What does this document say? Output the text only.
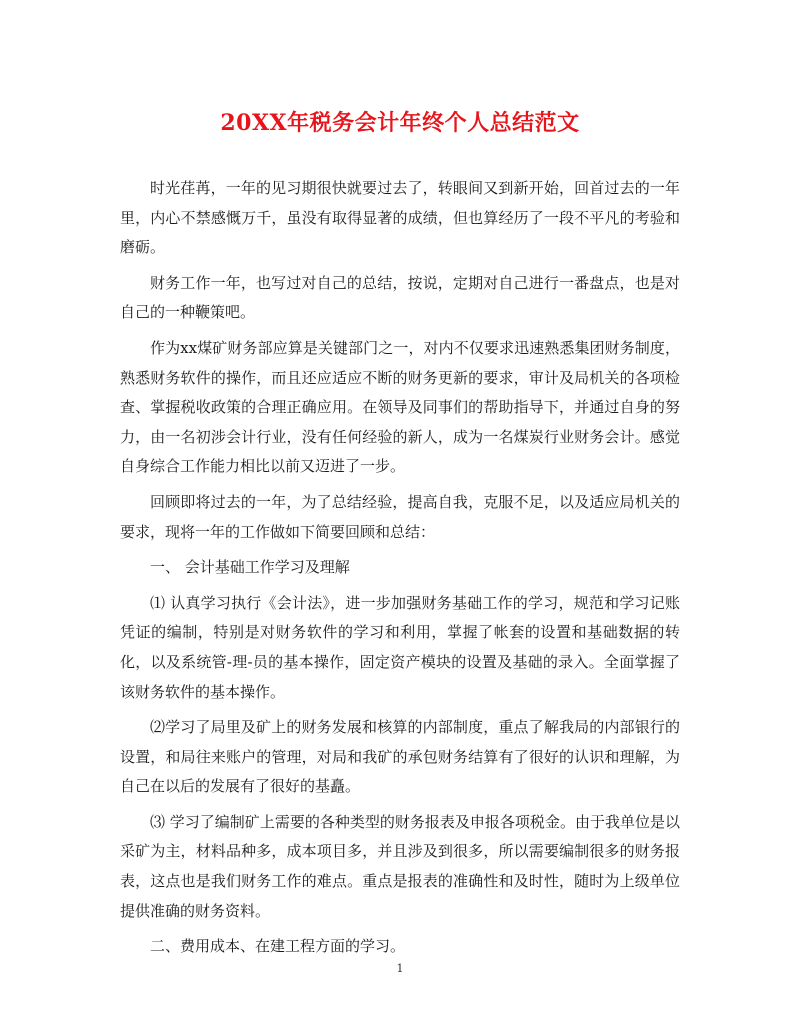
20XX年税务会计年终个人总结范文

时光荏苒，一年的见习期很快就要过去了，转眼间又到新开始，回首过去的一年里，内心不禁感慨万千，虽没有取得显著的成绩，但也算经历了一段不平凡的考验和磨砺。

财务工作一年，也写过对自己的总结，按说，定期对自己进行一番盘点，也是对自己的一种鞭策吧。

作为xx煤矿财务部应算是关键部门之一，对内不仅要求迅速熟悉集团财务制度，熟悉财务软件的操作，而且还应适应不断的财务更新的要求，审计及局机关的各项检查、掌握税收政策的合理正确应用。在领导及同事们的帮助指导下，并通过自身的努力，由一名初涉会计行业，没有任何经验的新人，成为一名煤炭行业财务会计。感觉自身综合工作能力相比以前又迈进了一步。

回顾即将过去的一年，为了总结经验，提高自我，克服不足，以及适应局机关的要求，现将一年的工作做如下简要回顾和总结：

一、 会计基础工作学习及理解

⑴ 认真学习执行《会计法》，进一步加强财务基础工作的学习，规范和学习记账凭证的编制，特别是对财务软件的学习和利用，掌握了帐套的设置和基础数据的转化，以及系统管-理-员的基本操作，固定资产模块的设置及基础的录入。全面掌握了该财务软件的基本操作。

⑵学习了局里及矿上的财务发展和核算的内部制度，重点了解我局的内部银行的设置，和局往来账户的管理，对局和我矿的承包财务结算有了很好的认识和理解，为自己在以后的发展有了很好的基矗。

⑶ 学习了编制矿上需要的各种类型的财务报表及申报各项税金。由于我单位是以采矿为主，材料品种多，成本项目多，并且涉及到很多，所以需要编制很多的财务报表，这点也是我们财务工作的难点。重点是报表的准确性和及时性，随时为上级单位提供准确的财务资料。

二、费用成本、在建工程方面的学习。

1
